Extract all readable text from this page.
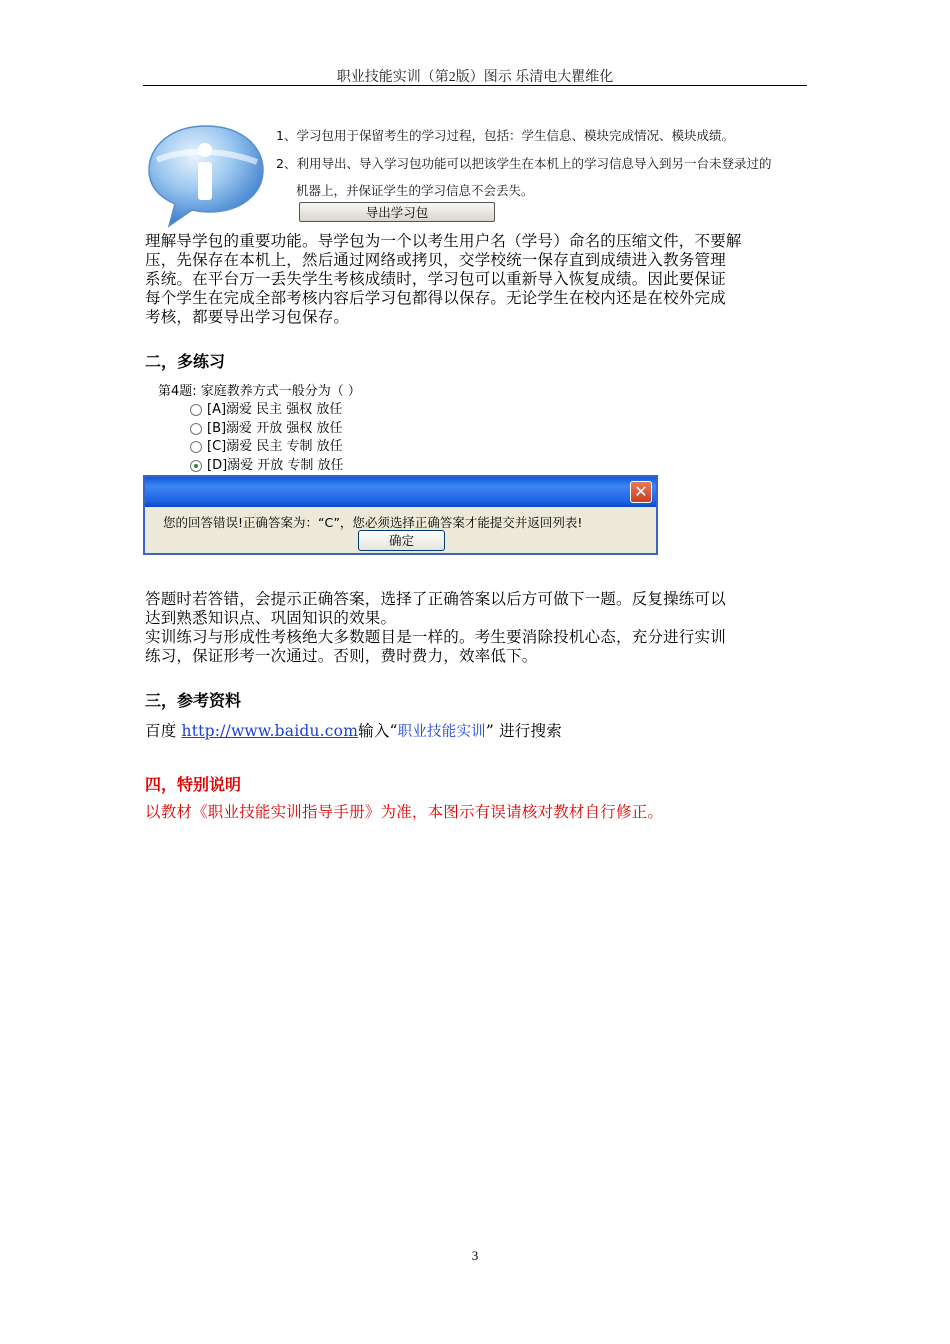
职业技能实训（第2版）图示 乐清电大瞿维化
1、学习包用于保留考生的学习过程，包括：学生信息、模块完成情况、模块成绩。
2、利用导出、导入学习包功能可以把该学生在本机上的学习信息导入到另一台未登录过的
机器上，并保证学生的学习信息不会丢失。
导出学习包

理解导学包的重要功能。导学包为一个以考生用户名（学号）命名的压缩文件，不要解

压，先保存在本机上，然后通过网络或拷贝，交学校统一保存直到成绩进入教务管理

系统。在平台万一丢失学生考核成绩时，学习包可以重新导入恢复成绩。因此要保证

每个学生在完成全部考核内容后学习包都得以保存。无论学生在校内还是在校外完成

考核，都要导出学习包保存。

二，多练习
第4题: 家庭教养方式一般分为（ ）
[A]溺爱 民主 强权 放任
[B]溺爱 开放 强权 放任
[C]溺爱 民主 专制 放任
[D]溺爱 开放 专制 放任
✕
您的回答错误!正确答案为：“C”，您必须选择正确答案才能提交并返回列表!
确定

答题时若答错，会提示正确答案，选择了正确答案以后方可做下一题。反复操练可以

达到熟悉知识点、巩固知识的效果。

实训练习与形成性考核绝大多数题目是一样的。考生要消除投机心态，充分进行实训

练习，保证形考一次通过。否则，费时费力，效率低下。

三，参考资料
百度 http://www.baidu.com输入“职业技能实训” 进行搜索
四，特别说明
以教材《职业技能实训指导手册》为准，本图示有误请核对教材自行修正。
3
